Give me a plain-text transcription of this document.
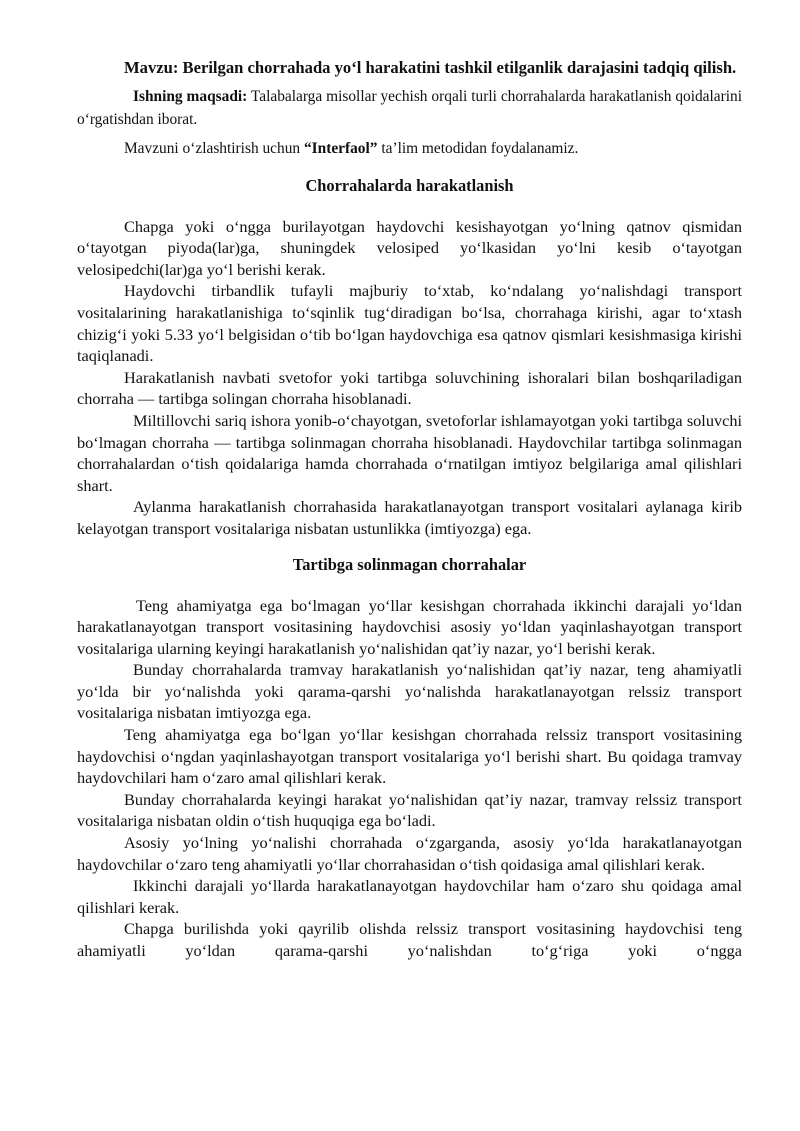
Mavzu: Berilgan chorrahada yo‘l harakatini tashkil etilganlik darajasini tadqiq qilish.

Ishning maqsadi: Talabalarga misollar yechish orqali turli chorrahalarda harakatlanish qoidalarini o‘rgatishdan iborat.

Mavzuni o‘zlashtirish uchun “Interfaol” ta’lim metodidan foydalanamiz.

Chorrahalarda harakatlanish

Chapga yoki o‘ngga burilayotgan haydovchi kesishayotgan yo‘lning qatnov qismidan o‘tayotgan piyoda(lar)ga, shuningdek velosiped yo‘lkasidan yo‘lni kesib o‘tayotgan velosipedchi(lar)ga yo‘l berishi kerak.

Haydovchi tirbandlik tufayli majburiy to‘xtab, ko‘ndalang yo‘nalishdagi transport vositalarining harakatlanishiga to‘sqinlik tug‘diradigan bo‘lsa, chorrahaga kirishi, agar to‘xtash chizig‘i yoki 5.33 yo‘l belgisidan o‘tib bo‘lgan haydovchiga esa qatnov qismlari kesishmasiga kirishi taqiqlanadi.

Harakatlanish navbati svetofor yoki tartibga soluvchining ishoralari bilan boshqariladigan chorraha — tartibga solingan chorraha hisoblanadi.

Miltillovchi sariq ishora yonib-o‘chayotgan, svetoforlar ishlamayotgan yoki tartibga soluvchi bo‘lmagan chorraha — tartibga solinmagan chorraha hisoblanadi. Haydovchilar tartibga solinmagan chorrahalardan o‘tish qoidalariga hamda chorrahada o‘rnatilgan imtiyoz belgilariga amal qilishlari shart.

Aylanma harakatlanish chorrahasida harakatlanayotgan transport vositalari aylanaga kirib kelayotgan transport vositalariga nisbatan ustunlikka (imtiyozga) ega.

Tartibga solinmagan chorrahalar

Teng ahamiyatga ega bo‘lmagan yo‘llar kesishgan chorrahada ikkinchi darajali yo‘ldan harakatlanayotgan transport vositasining haydovchisi asosiy yo‘ldan yaqinlashayotgan transport vositalariga ularning keyingi harakatlanish yo‘nalishidan qat’iy nazar, yo‘l berishi kerak.

Bunday chorrahalarda tramvay harakatlanish yo‘nalishidan qat’iy nazar, teng ahamiyatli yo‘lda bir yo‘nalishda yoki qarama-qarshi yo‘nalishda harakatlanayotgan relssiz transport vositalariga nisbatan imtiyozga ega.

Teng ahamiyatga ega bo‘lgan yo‘llar kesishgan chorrahada relssiz transport vositasining haydovchisi o‘ngdan yaqinlashayotgan transport vositalariga yo‘l berishi shart. Bu qoidaga tramvay haydovchilari ham o‘zaro amal qilishlari kerak.

Bunday chorrahalarda keyingi harakat yo‘nalishidan qat’iy nazar, tramvay relssiz transport vositalariga nisbatan oldin o‘tish huquqiga ega bo‘ladi.

Asosiy yo‘lning yo‘nalishi chorrahada o‘zgarganda, asosiy yo‘lda harakatlanayotgan haydovchilar o‘zaro teng ahamiyatli yo‘llar chorrahasidan o‘tish qoidasiga amal qilishlari kerak.

Ikkinchi darajali yo‘llarda harakatlanayotgan haydovchilar ham o‘zaro shu qoidaga amal qilishlari kerak.

Chapga burilishda yoki qayrilib olishda relssiz transport vositasining haydovchisi teng ahamiyatli yo‘ldan qarama-qarshi yo‘nalishdan to‘g‘riga yoki o‘ngga
